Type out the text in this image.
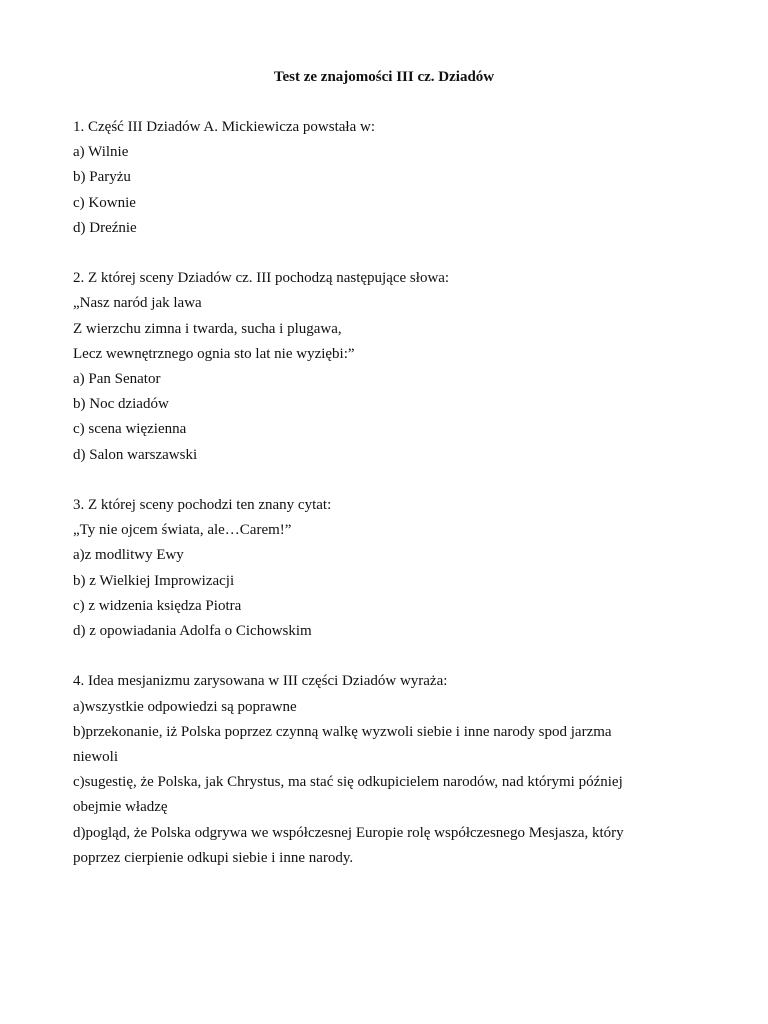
Test ze znajomości III cz. Dziadów
1. Część III Dziadów A. Mickiewicza powstała w:
a) Wilnie
b) Paryżu
c) Kownie
d) Dreźnie
2. Z której sceny Dziadów cz. III pochodzą następujące słowa:
„Nasz naród jak lawa
Z wierzchu zimna i twarda, sucha i plugawa,
Lecz wewnętrznego ognia sto lat nie wyziębi:”
a) Pan Senator
b) Noc dziadów
c) scena więzienna
d) Salon warszawski
3. Z której sceny pochodzi ten znany cytat:
„Ty nie ojcem świata, ale…Carem!”
a)z modlitwy Ewy
b) z Wielkiej Improwizacji
c) z widzenia księdza Piotra
d) z opowiadania Adolfa o Cichowskim
4. Idea mesjanizmu zarysowana w III części Dziadów wyraża:
a)wszystkie odpowiedzi są poprawne
b)przekonanie, iż Polska poprzez czynną walkę wyzwoli siebie i inne narody spod jarzma
niewoli
c)sugestię, że Polska, jak Chrystus, ma stać się odkupicielem narodów, nad którymi później
obejmie władzę
d)pogląd, że Polska odgrywa we współczesnej Europie rolę współczesnego Mesjasza, który
poprzez cierpienie odkupi siebie i inne narody.
